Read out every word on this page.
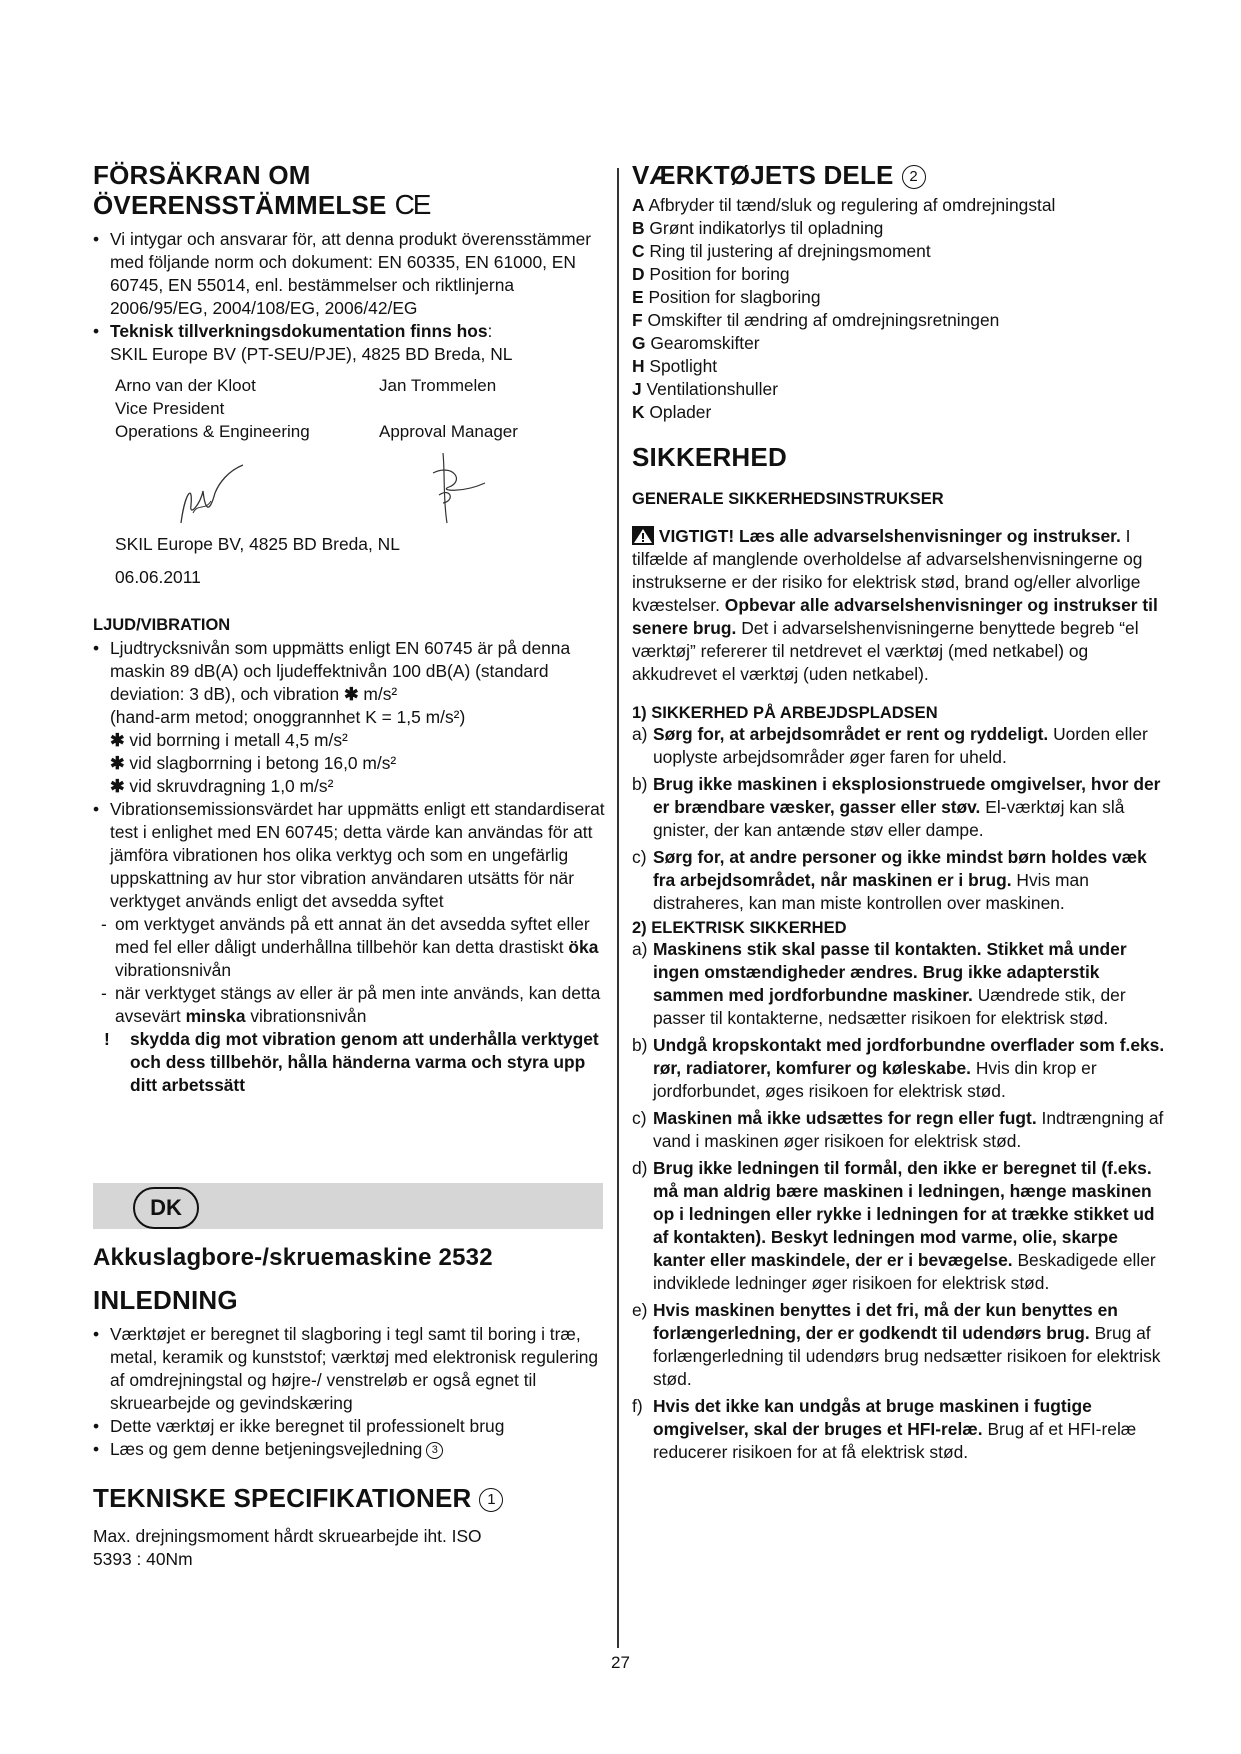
FÖRSÄKRAN OM
ÖVERENSSTÄMMELSE CE
• Vi intygar och ansvarar för, att denna produkt överensstämmer med följande norm och dokument: EN 60335, EN 61000, EN 60745, EN 55014, enl. bestämmelser och riktlinjerna 2006/95/EG, 2004/108/EG, 2006/42/EG
• Teknisk tillverkningsdokumentation finns hos:
SKIL Europe BV (PT-SEU/PJE), 4825 BD Breda, NL
Arno van der Kloot
Vice President
Operations & Engineering
Jan Trommelen

Approval Manager
SKIL Europe BV, 4825 BD Breda, NL
06.06.2011
LJUD/VIBRATION
• Ljudtrycksnivån som uppmätts enligt EN 60745 är på denna maskin 89 dB(A) och ljudeffektnivån 100 dB(A) (standard deviation: 3 dB), och vibration ✱ m/s²
(hand-arm metod; onoggrannhet K = 1,5 m/s²)
✱ vid borrning i metall 4,5 m/s²
✱ vid slagborrning i betong 16,0 m/s²
✱ vid skruvdragning 1,0 m/s²
• Vibrationsemissionsvärdet har uppmätts enligt ett standardiserat test i enlighet med EN 60745; detta värde kan användas för att jämföra vibrationen hos olika verktyg och som en ungefärlig uppskattning av hur stor vibration användaren utsätts för när verktyget används enligt det avsedda syftet
- om verktyget används på ett annat än det avsedda syftet eller med fel eller dåligt underhållna tillbehör kan detta drastiskt öka vibrationsnivån
- när verktyget stängs av eller är på men inte används, kan detta avsevärt minska vibrationsnivån
! skydda dig mot vibration genom att underhålla verktyget och dess tillbehör, hålla händerna varma och styra upp ditt arbetssätt
DK
Akkuslagbore-/skruemaskine 2532
INLEDNING
• Værktøjet er beregnet til slagboring i tegl samt til boring i træ, metal, keramik og kunststof; værktøj med elektronisk regulering af omdrejningstal og højre-/ venstreløb er også egnet til skruearbejde og gevindskæring
• Dette værktøj er ikke beregnet til professionelt brug
• Læs og gem denne betjeningsvejledning 3
TEKNISKE SPECIFIKATIONER 1

Max. drejningsmoment hårdt skruearbejde iht. ISO 5393 : 40Nm

VÆRKTØJETS DELE 2
A Afbryder til tænd/sluk og regulering af omdrejningstal
B Grønt indikatorlys til opladning
C Ring til justering af drejningsmoment
D Position for boring
E Position for slagboring
F Omskifter til ændring af omdrejningsretningen
G Gearomskifter
H Spotlight
J Ventilationshuller
K Oplader
SIKKERHED
GENERALE SIKKERHEDSINSTRUKSER

VIGTIGT! Læs alle advarselshenvisninger og instrukser. I tilfælde af manglende overholdelse af advarselshenvisningerne og instrukserne er der risiko for elektrisk stød, brand og/eller alvorlige kvæstelser. Opbevar alle advarselshenvisninger og instrukser til senere brug. Det i advarselshenvisningerne benyttede begreb “el værktøj” refererer til netdrevet el værktøj (med netkabel) og akkudrevet el værktøj (uden netkabel).

1) SIKKERHED PÅ ARBEJDSPLADSEN
a) Sørg for, at arbejdsområdet er rent og ryddeligt. Uorden eller uoplyste arbejdsområder øger faren for uheld.
b) Brug ikke maskinen i eksplosionstruede omgivelser, hvor der er brændbare væsker, gasser eller støv. El-værktøj kan slå gnister, der kan antænde støv eller dampe.
c) Sørg for, at andre personer og ikke mindst børn holdes væk fra arbejdsområdet, når maskinen er i brug. Hvis man distraheres, kan man miste kontrollen over maskinen.
2) ELEKTRISK SIKKERHED
a) Maskinens stik skal passe til kontakten. Stikket må under ingen omstændigheder ændres. Brug ikke adapterstik sammen med jordforbundne maskiner. Uændrede stik, der passer til kontakterne, nedsætter risikoen for elektrisk stød.
b) Undgå kropskontakt med jordforbundne overflader som f.eks. rør, radiatorer, komfurer og køleskabe. Hvis din krop er jordforbundet, øges risikoen for elektrisk stød.
c) Maskinen må ikke udsættes for regn eller fugt. Indtrængning af vand i maskinen øger risikoen for elektrisk stød.
d) Brug ikke ledningen til formål, den ikke er beregnet til (f.eks. må man aldrig bære maskinen i ledningen, hænge maskinen op i ledningen eller rykke i ledningen for at trække stikket ud af kontakten). Beskyt ledningen mod varme, olie, skarpe kanter eller maskindele, der er i bevægelse. Beskadigede eller indviklede ledninger øger risikoen for elektrisk stød.
e) Hvis maskinen benyttes i det fri, må der kun benyttes en forlængerledning, der er godkendt til udendørs brug. Brug af forlængerledning til udendørs brug nedsætter risikoen for elektrisk stød.
f) Hvis det ikke kan undgås at bruge maskinen i fugtige omgivelser, skal der bruges et HFI-relæ. Brug af et HFI-relæ reducerer risikoen for at få elektrisk stød.
27
